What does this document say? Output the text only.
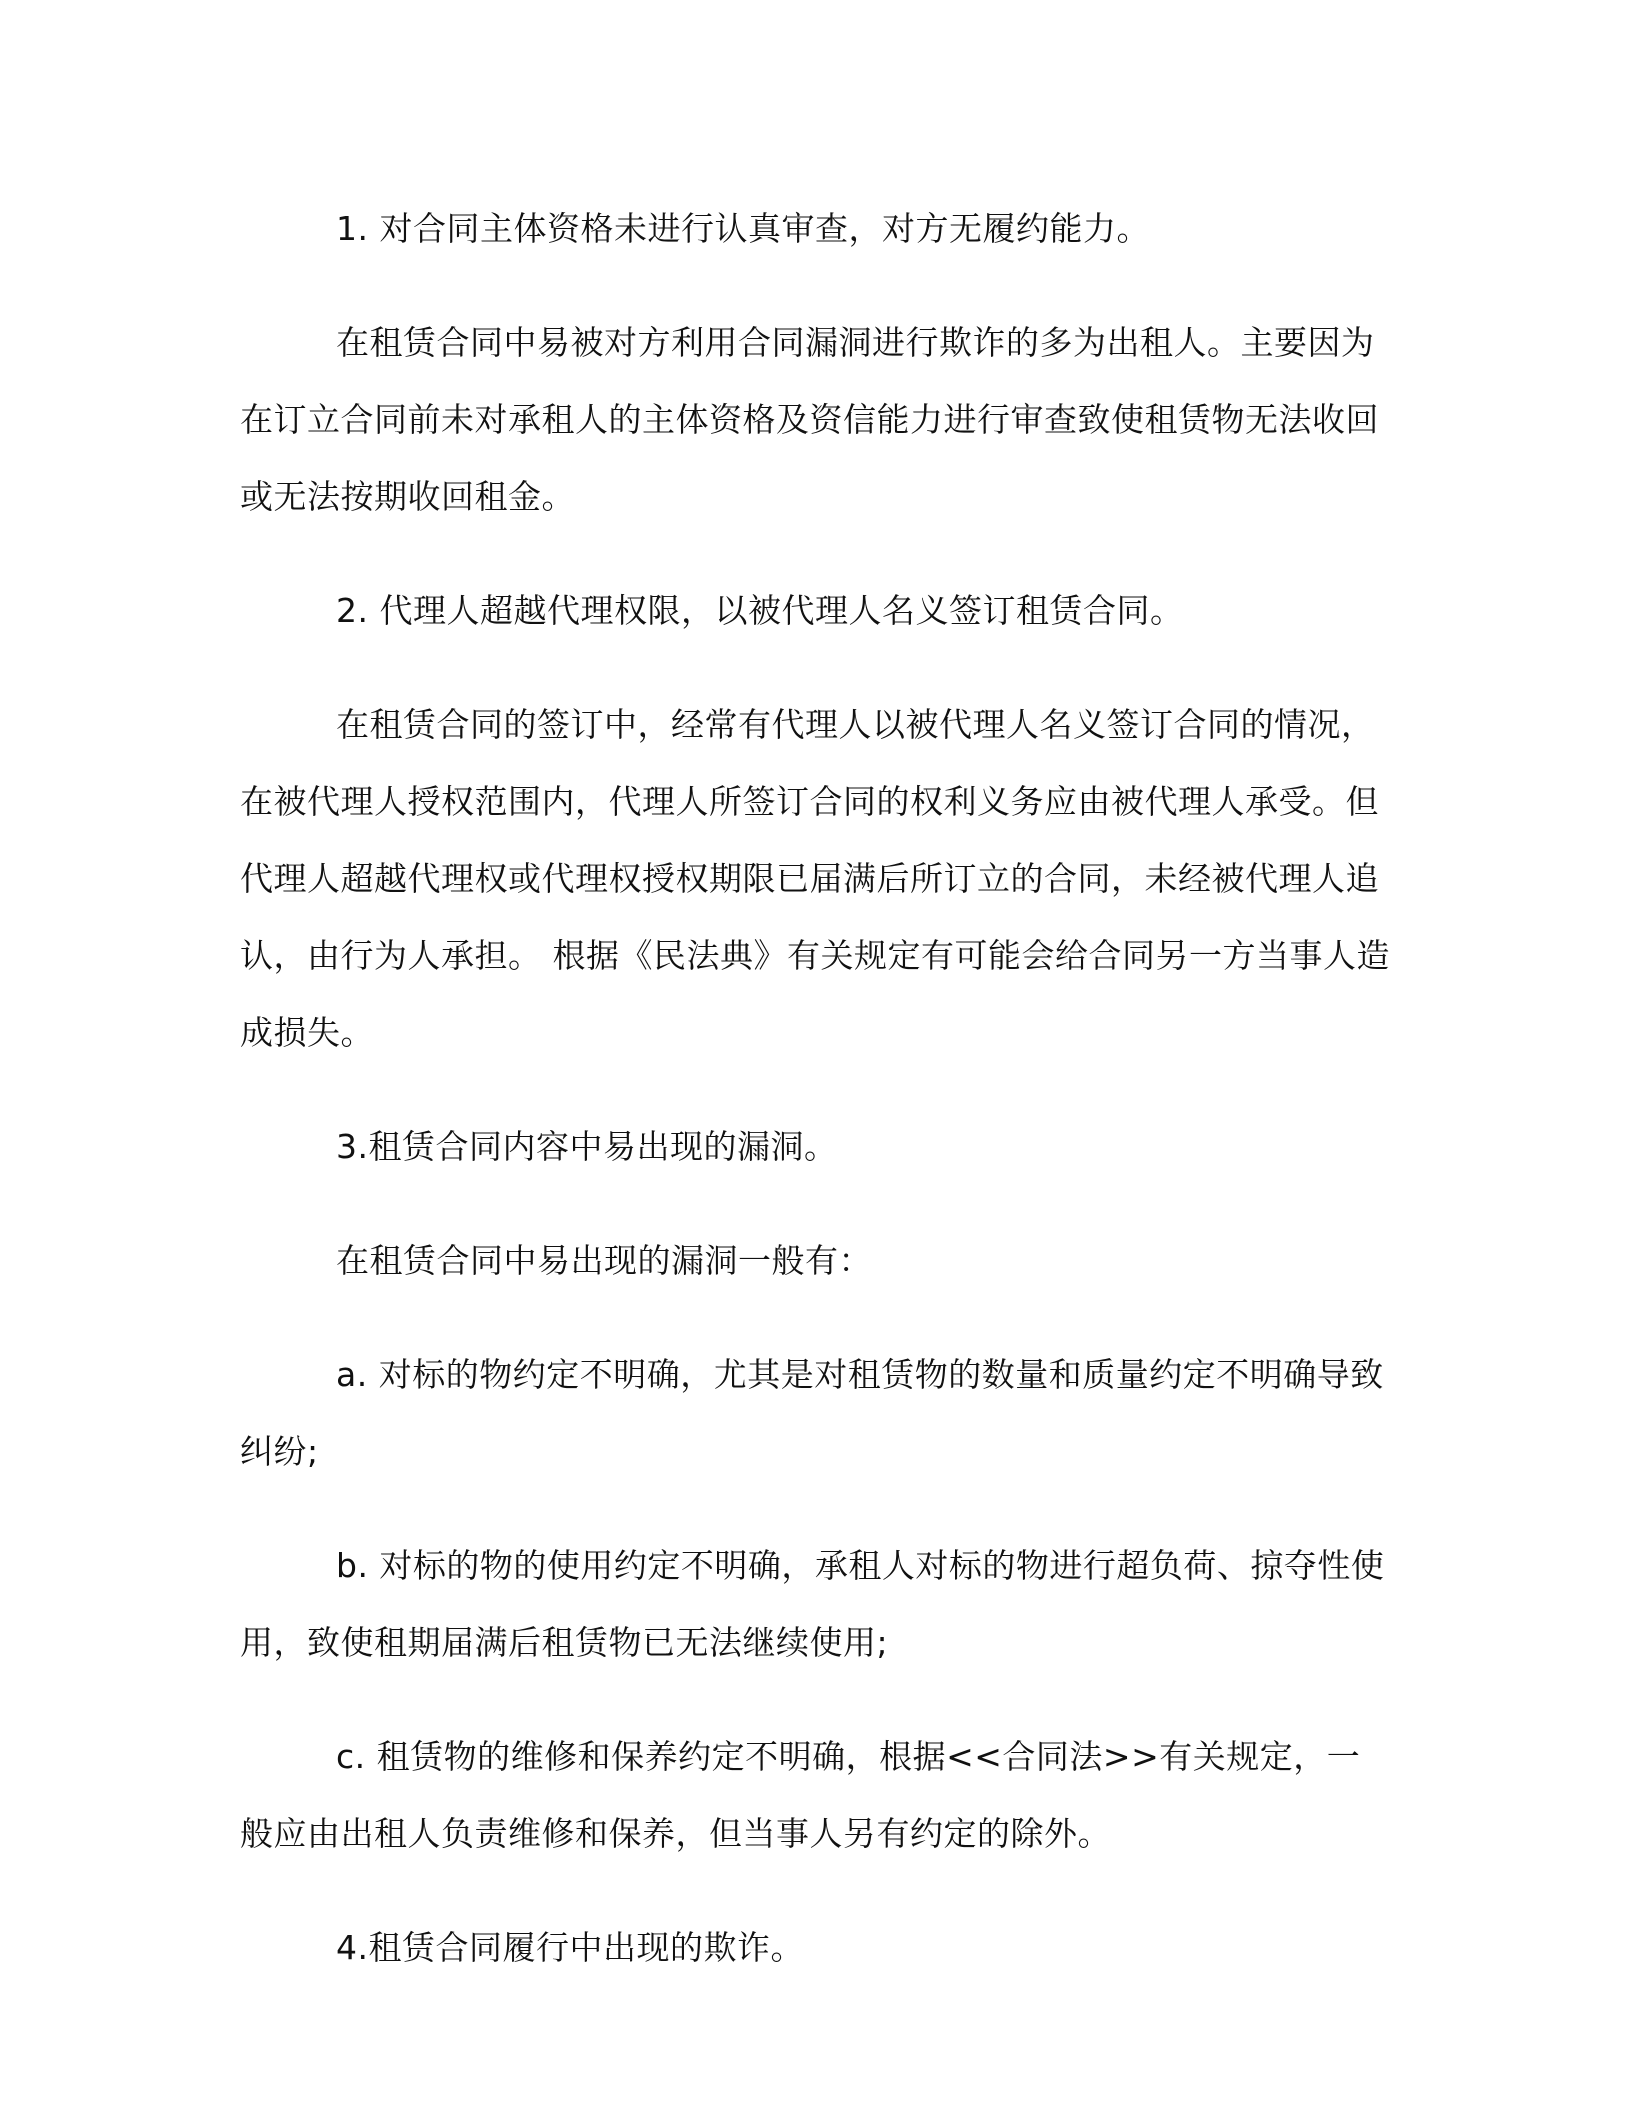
1. 对合同主体资格未进行认真审查，对方无履约能力。

在租赁合同中易被对方利用合同漏洞进行欺诈的多为出租人。主要因为在订立合同前未对承租人的主体资格及资信能力进行审查致使租赁物无法收回或无法按期收回租金。

2. 代理人超越代理权限，以被代理人名义签订租赁合同。

在租赁合同的签订中，经常有代理人以被代理人名义签订合同的情况，在被代理人授权范围内，代理人所签订合同的权利义务应由被代理人承受。但代理人超越代理权或代理权授权期限已届满后所订立的合同，未经被代理人追认，由行为人承担。 根据《民法典》有关规定有可能会给合同另一方当事人造成损失。

3.租赁合同内容中易出现的漏洞。

在租赁合同中易出现的漏洞一般有：

a. 对标的物约定不明确，尤其是对租赁物的数量和质量约定不明确导致纠纷;

b. 对标的物的使用约定不明确，承租人对标的物进行超负荷、掠夺性使用，致使租期届满后租赁物已无法继续使用;

c. 租赁物的维修和保养约定不明确，根据<<合同法>>有关规定，一般应由出租人负责维修和保养，但当事人另有约定的除外。

4.租赁合同履行中出现的欺诈。
